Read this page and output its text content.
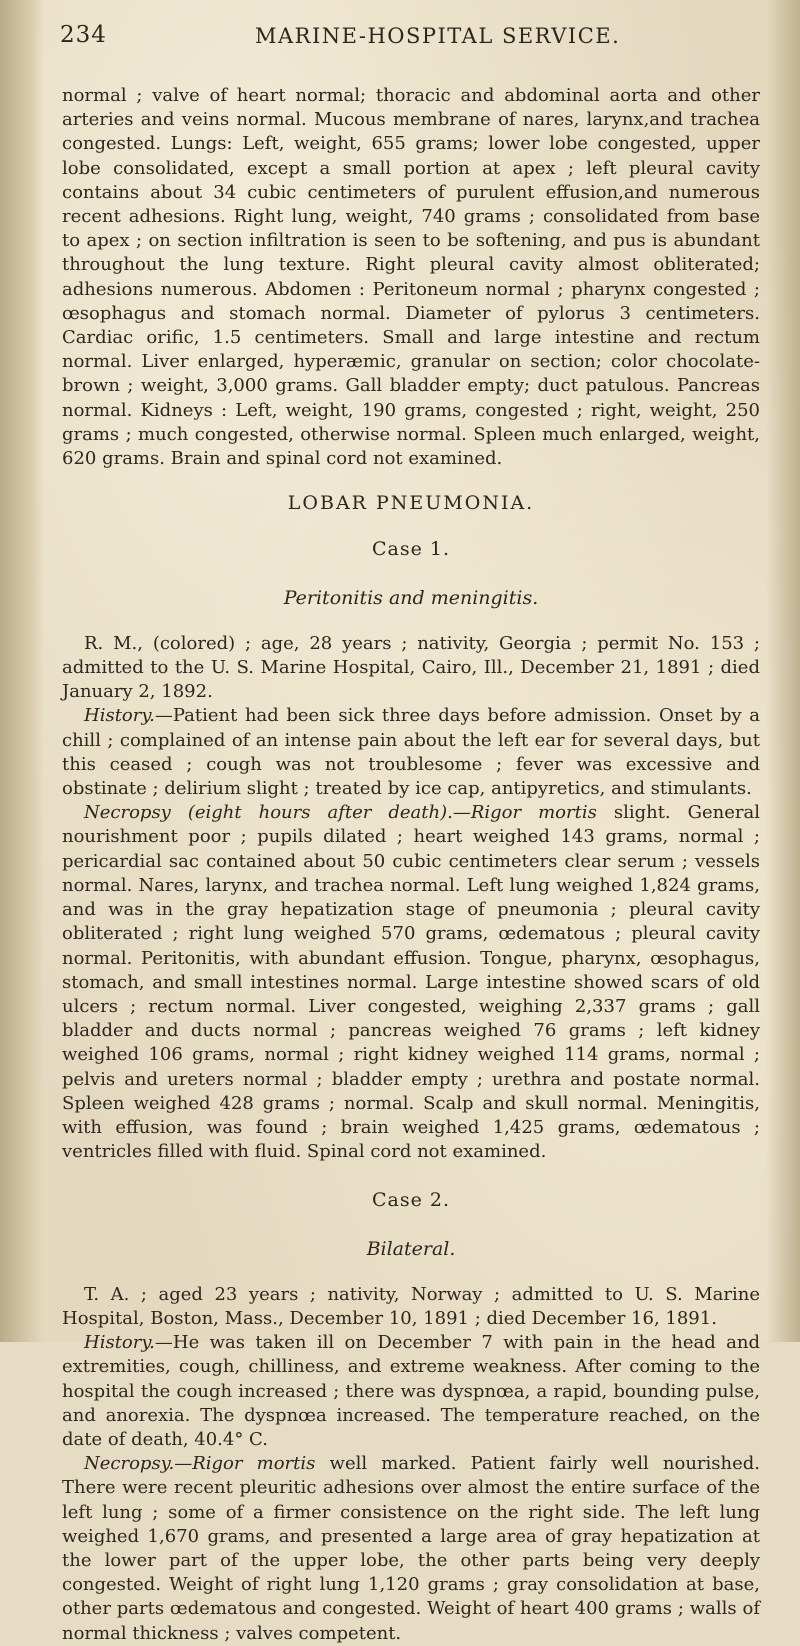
234	MARINE-HOSPITAL SERVICE.

normal ; valve of heart normal; thoracic and abdominal aorta and other arteries and veins normal. Mucous membrane of nares, larynx,and trachea congested. Lungs: Left, weight, 655 grams; lower lobe congested, upper lobe consolidated, except a small portion at apex ; left pleural cavity contains about 34 cubic centimeters of purulent effusion,and numerous recent adhesions. Right lung, weight, 740 grams ; consolidated from base to apex ; on section infiltration is seen to be softening, and pus is abundant throughout the lung texture. Right pleural cavity almost obliterated; adhesions numerous. Abdomen : Peritoneum normal ; pharynx congested ; œsophagus and stomach normal. Diameter of pylorus 3 centimeters. Cardiac orific, 1.5 centimeters. Small and large intestine and rectum normal. Liver enlarged, hyperæmic, granular on section; color chocolate-brown ; weight, 3,000 grams. Gall bladder empty; duct patulous. Pancreas normal. Kidneys : Left, weight, 190 grams, congested ; right, weight, 250 grams ; much congested, otherwise normal. Spleen much enlarged, weight, 620 grams. Brain and spinal cord not examined.

LOBAR PNEUMONIA.
Case 1.
Peritonitis and meningitis.

R. M., (colored) ; age, 28 years ; nativity, Georgia ; permit No. 153 ; admitted to the U. S. Marine Hospital, Cairo, Ill., December 21, 1891 ; died January 2, 1892.

History.—Patient had been sick three days before admission. Onset by a chill ; complained of an intense pain about the left ear for several days, but this ceased ; cough was not troublesome ; fever was excessive and obstinate ; delirium slight ; treated by ice cap, antipyretics, and stimulants.

Necropsy (eight hours after death).—Rigor mortis slight. General nourishment poor ; pupils dilated ; heart weighed 143 grams, normal ; pericardial sac contained about 50 cubic centimeters clear serum ; vessels normal. Nares, larynx, and trachea normal. Left lung weighed 1,824 grams, and was in the gray hepatization stage of pneumonia ; pleural cavity obliterated ; right lung weighed 570 grams, œdematous ; pleural cavity normal. Peritonitis, with abundant effusion. Tongue, pharynx, œsophagus, stomach, and small intestines normal. Large intestine showed scars of old ulcers ; rectum normal. Liver congested, weighing 2,337 grams ; gall bladder and ducts normal ; pancreas weighed 76 grams ; left kidney weighed 106 grams, normal ; right kidney weighed 114 grams, normal ; pelvis and ureters normal ; bladder empty ; urethra and postate normal. Spleen weighed 428 grams ; normal. Scalp and skull normal. Meningitis, with effusion, was found ; brain weighed 1,425 grams, œdematous ; ventricles filled with fluid. Spinal cord not examined.

Case 2.
Bilateral.

T. A. ; aged 23 years ; nativity, Norway ; admitted to U. S. Marine Hospital, Boston, Mass., December 10, 1891 ; died December 16, 1891.

History.—He was taken ill on December 7 with pain in the head and extremities, cough, chilliness, and extreme weakness. After coming to the hospital the cough increased ; there was dyspnœa, a rapid, bounding pulse, and anorexia. The dyspnœa increased. The temperature reached, on the date of death, 40.4° C.

Necropsy.—Rigor mortis well marked. Patient fairly well nourished. There were recent pleuritic adhesions over almost the entire surface of the left lung ; some of a firmer consistence on the right side. The left lung weighed 1,670 grams, and presented a large area of gray hepatization at the lower part of the upper lobe, the other parts being very deeply congested. Weight of right lung 1,120 grams ; gray consolidation at base, other parts œdematous and congested. Weight of heart 400 grams ; walls of normal thickness ; valves competent.
